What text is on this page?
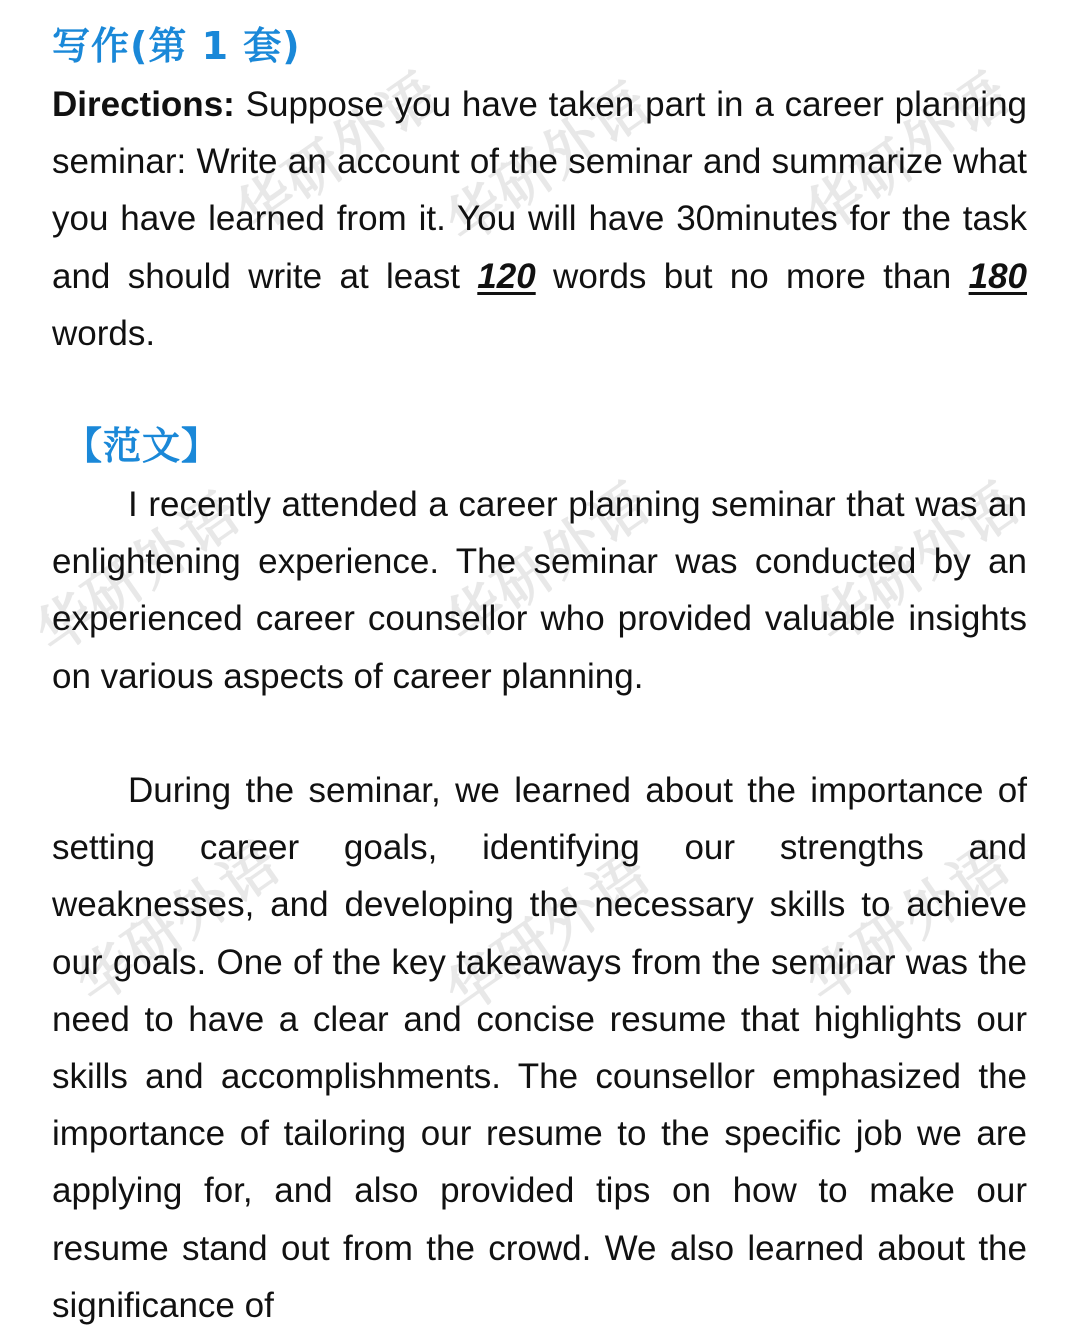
华研外语
华研外语 华研外语
华研外语	华研外语	华研外语
华研外语	华研外语 华研外语
写作(第 1 套)

Directions: Suppose you have taken part in a career planning seminar: Write an account of the seminar and summarize what you have learned from it. You will have 30minutes for the task and should write at least 120 words but no more than 180 words.

【范文】

I recently attended a career planning seminar that was an enlightening experience. The seminar was conducted by an experienced career counsellor who provided valuable insights on various aspects of career planning.

During the seminar, we learned about the importance of setting career goals, identifying our strengths and weaknesses, and developing the necessary skills to achieve our goals. One of the key takeaways from the seminar was the need to have a clear and concise resume that highlights our skills and accomplishments. The counsellor emphasized the importance of tailoring our resume to the specific job we are applying for, and also provided tips on how to make our resume stand out from the crowd. We also learned about the significance of
